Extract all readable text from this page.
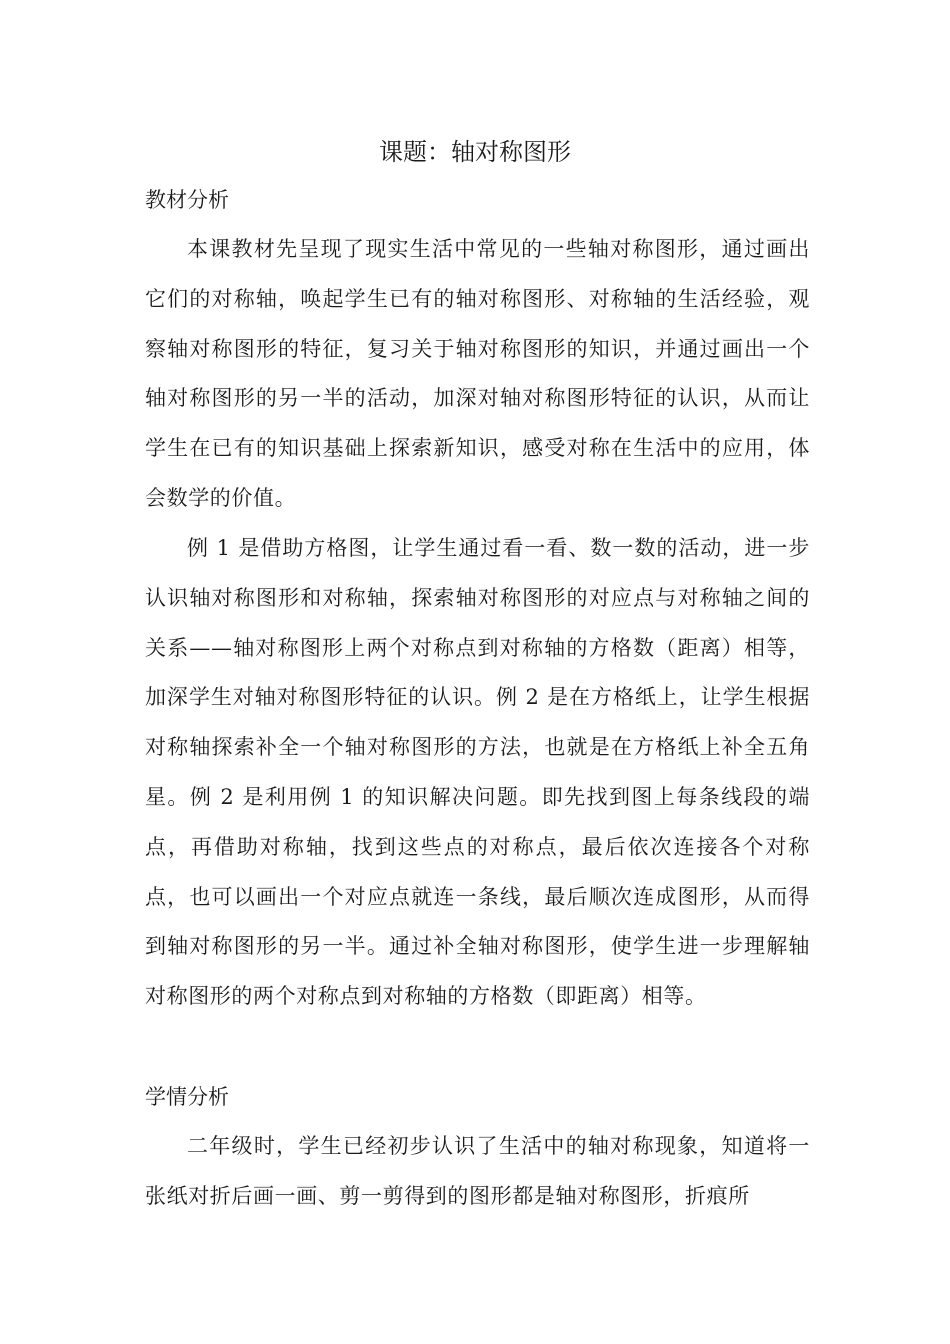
课题：轴对称图形
教材分析

本课教材先呈现了现实生活中常见的一些轴对称图形，通过画出它们的对称轴，唤起学生已有的轴对称图形、对称轴的生活经验，观察轴对称图形的特征，复习关于轴对称图形的知识，并通过画出一个轴对称图形的另一半的活动，加深对轴对称图形特征的认识，从而让学生在已有的知识基础上探索新知识，感受对称在生活中的应用，体会数学的价值。

例 1 是借助方格图，让学生通过看一看、数一数的活动，进一步认识轴对称图形和对称轴，探索轴对称图形的对应点与对称轴之间的关系——轴对称图形上两个对称点到对称轴的方格数（距离）相等，加深学生对轴对称图形特征的认识。例 2 是在方格纸上，让学生根据对称轴探索补全一个轴对称图形的方法，也就是在方格纸上补全五角星。例 2 是利用例 1 的知识解决问题。即先找到图上每条线段的端点，再借助对称轴，找到这些点的对称点，最后依次连接各个对称点，也可以画出一个对应点就连一条线，最后顺次连成图形，从而得到轴对称图形的另一半。通过补全轴对称图形，使学生进一步理解轴对称图形的两个对称点到对称轴的方格数（即距离）相等。

学情分析

二年级时，学生已经初步认识了生活中的轴对称现象，知道将一张纸对折后画一画、剪一剪得到的图形都是轴对称图形，折痕所
